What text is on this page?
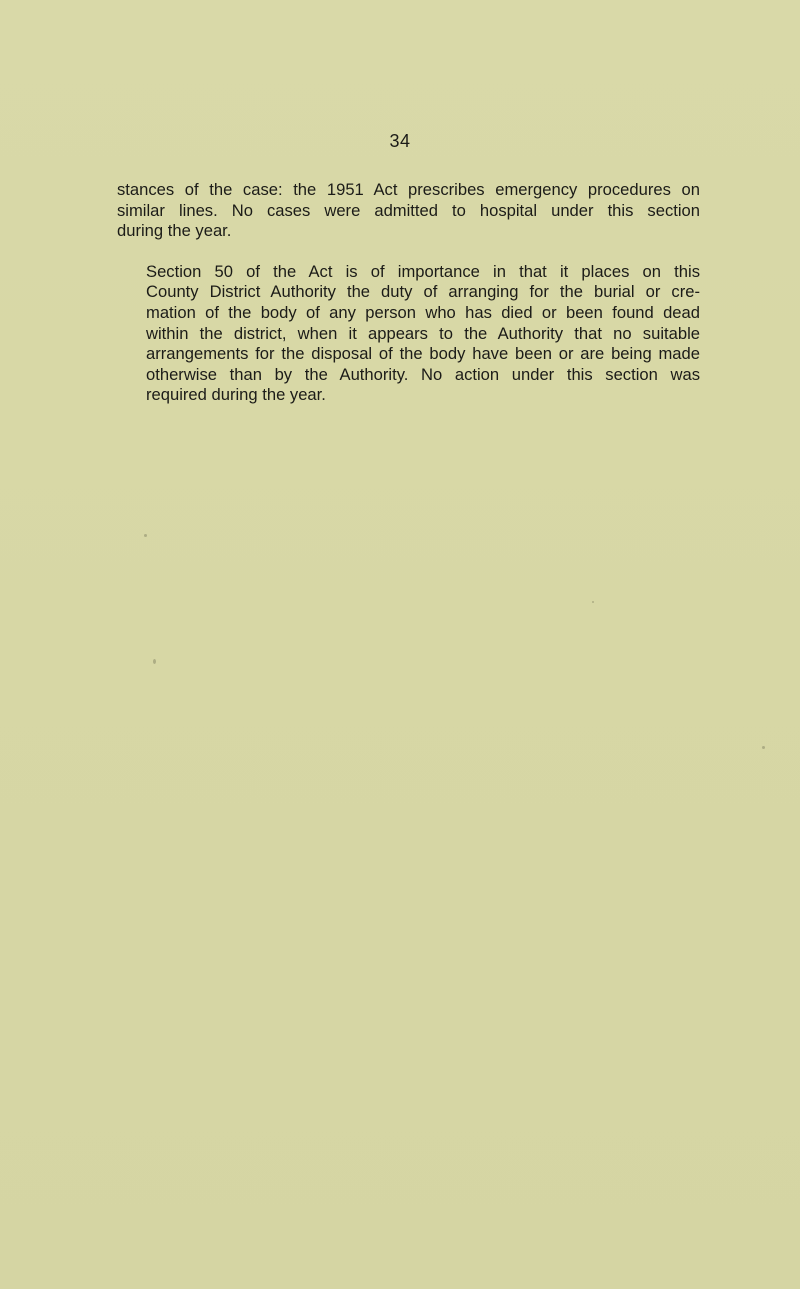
34

stances of the case: the 1951 Act prescribes emergency procedures on
similar lines. No cases were admitted to hospital under this section
during the year.

Section 50 of the Act is of importance in that it places on this
County District Authority the duty of arranging for the burial or cre-
mation of the body of any person who has died or been found dead
within the district, when it appears to the Authority that no suitable
arrangements for the disposal of the body have been or are being made
otherwise than by the Authority. No action under this section was
required during the year.
